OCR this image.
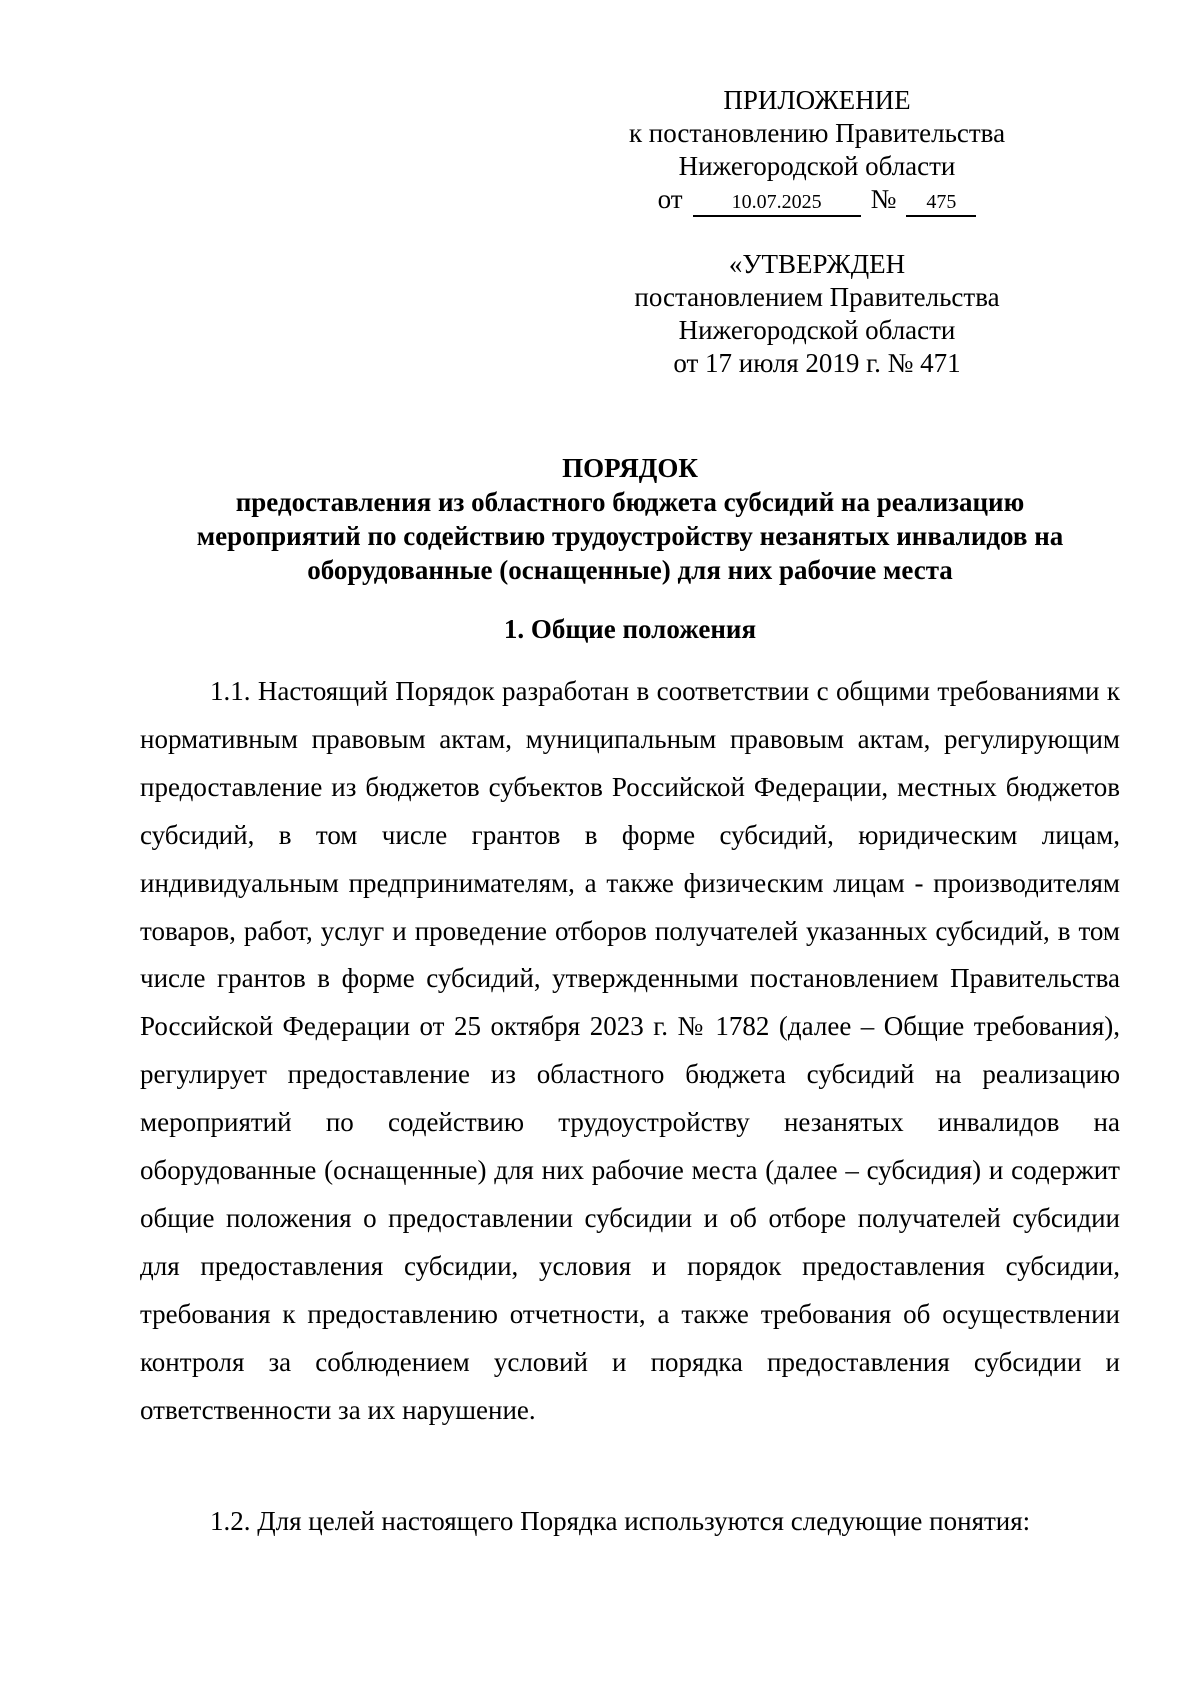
ПРИЛОЖЕНИЕ
к постановлению Правительства
Нижегородской области
от	10.07.2025	№	475
«УТВЕРЖДЕН
постановлением Правительства
Нижегородской области
от 17 июля 2019 г. № 471
ПОРЯДОК
предоставления из областного бюджета субсидий на реализацию
мероприятий по содействию трудоустройству незанятых инвалидов на
оборудованные (оснащенные) для них рабочие места
1. Общие положения

1.1. Настоящий Порядок разработан в соответствии с общими требованиями к нормативным правовым актам, муниципальным правовым актам, регулирующим предоставление из бюджетов субъектов Российской Федерации, местных бюджетов субсидий, в том числе грантов в форме субсидий, юридическим лицам, индивидуальным предпринимателям, а также физическим лицам - производителям товаров, работ, услуг и проведение отборов получателей указанных субсидий, в том числе грантов в форме субсидий, утвержденными постановлением Правительства Российской Федерации от 25 октября 2023 г. № 1782 (далее – Общие требования), регулирует предоставление из областного бюджета субсидий на реализацию мероприятий по содействию трудоустройству незанятых инвалидов на оборудованные (оснащенные) для них рабочие места (далее – субсидия) и содержит общие положения о предоставлении субсидии и об отборе получателей субсидии для предоставления субсидии, условия и порядок предоставления субсидии, требования к предоставлению отчетности, а также требования об осуществлении контроля за соблюдением условий и порядка предоставления субсидии и ответственности за их нарушение.

1.2. Для целей настоящего Порядка используются следующие понятия:
